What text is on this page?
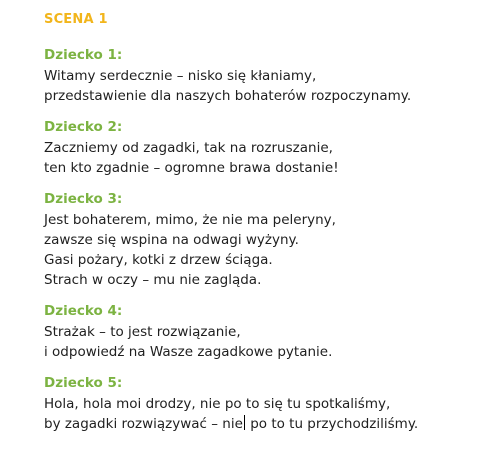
SCENA 1
Dziecko 1:
Witamy serdecznie – nisko się kłaniamy,
przedstawienie dla naszych bohaterów rozpoczynamy.
Dziecko 2:
Zaczniemy od zagadki, tak na rozruszanie,
ten kto zgadnie – ogromne brawa dostanie!
Dziecko 3:
Jest bohaterem, mimo, że nie ma peleryny,
zawsze się wspina na odwagi wyżyny.
Gasi pożary, kotki z drzew ściąga.
Strach w oczy – mu nie zagląda.
Dziecko 4:
Strażak – to jest rozwiązanie,
i odpowiedź na Wasze zagadkowe pytanie.
Dziecko 5:
Hola, hola moi drodzy, nie po to się tu spotkaliśmy,
by zagadki rozwiązywać – nie po to tu przychodziliśmy.
